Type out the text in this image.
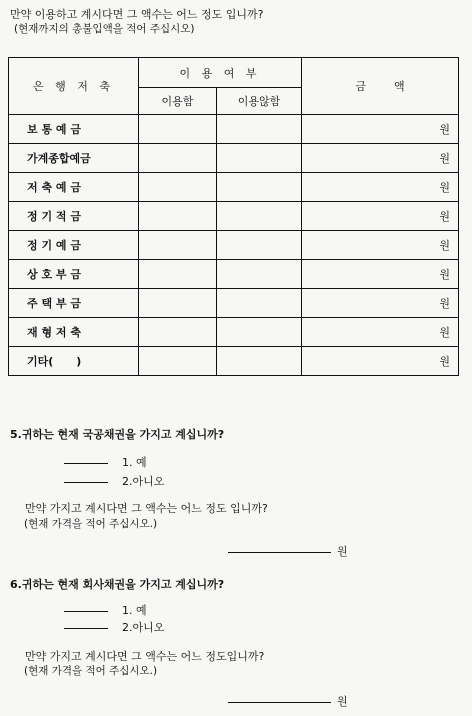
만약 이용하고 계시다면 그 액수는 어느 정도 입니까?
(현재까지의 총불입액을 적어 주십시오)
은 행 저 축	이 용 여 부		금        액
	이용함	이용않함	
보 통 예 금			원
가계종합예금			원
저 축 예 금			원
정 기 적 금			원
정 기 예 금			원
상 호 부 금			원
주 택 부 금			원
재 형 저 축			원
기타(      )			원
5.귀하는 현재 국공채권을 가지고 계십니까?
1. 예
2.아니오
만약 가지고 계시다면 그 액수는 어느 정도 입니까?
(현재 가격을 적어 주십시오.)
원
6.귀하는 현재 회사채권을 가지고 계십니까?
1. 예
2.아니오
만약 가지고 계시다면 그 액수는 어느 정도입니까?
(현재 가격을 적어 주십시오.)
원
